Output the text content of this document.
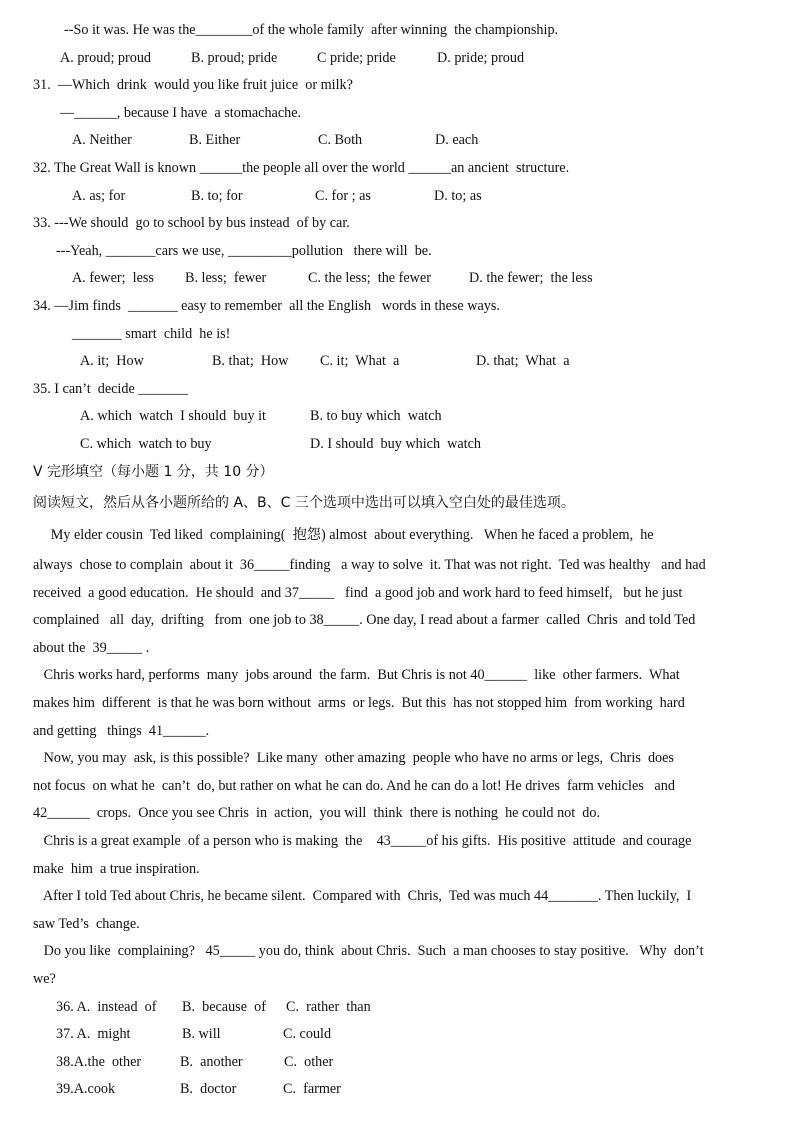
--So it was. He was the________of the whole family  after winning  the championship.
A. proud; proud	B. proud; pride	C pride; pride	D. pride; proud
31.  —Which  drink  would you like fruit juice  or milk?
—______, because I have  a stomachache.
A. Neither	B. Either	C. Both	D. each
32. The Great Wall is known ______the people all over the world ______an ancient  structure.
A. as; for	B. to; for	C. for ; as	D. to; as
33. ---We should  go to school by bus instead  of by car.
---Yeah, _______cars we use, _________pollution   there will  be.
A. fewer;  less B. less;  fewer	C. the less;  the fewer	D. the fewer;  the less
34. —Jim finds  _______ easy to remember  all the English   words in these ways.
_______ smart  child  he is!
A. it;  How	B. that;  How C. it;  What  a	D. that;  What  a
35. I can’t  decide _______
A. which  watch  I should  buy it	B. to buy which  watch
C. which  watch to buy	D. I should  buy which  watch
V 完形填空（每小题 1 分，共 10 分）
阅读短文，然后从各小题所给的 A、B、C 三个选项中选出可以填入空白处的最佳选项。
My elder cousin  Ted liked  complaining(  抱怨) almost  about everything.   When he faced a problem,  he
always  chose to complain  about it  36_____finding   a way to solve  it. That was not right.  Ted was healthy   and had
received  a good education.  He should  and 37_____   find  a good job and work hard to feed himself,   but he just
complained   all  day,  drifting   from  one job to 38_____. One day, I read about a farmer  called  Chris  and told Ted
about the  39_____ .
Chris works hard, performs  many  jobs around  the farm.  But Chris is not 40______  like  other farmers.  What
makes him  different  is that he was born without  arms  or legs.  But this  has not stopped him  from working  hard
and getting   things  41______.
Now, you may  ask, is this possible?  Like many  other amazing  people who have no arms or legs,  Chris  does
not focus  on what he  can’t  do, but rather on what he can do. And he can do a lot! He drives  farm vehicles   and
42______  crops.  Once you see Chris  in  action,  you will  think  there is nothing  he could not  do.
Chris is a great example  of a person who is making  the    43_____of his gifts.  His positive  attitude  and courage
make  him  a true inspiration.
After I told Ted about Chris, he became silent.  Compared with  Chris,  Ted was much 44_______. Then luckily,  I
saw Ted’s  change.
Do you like  complaining?   45_____ you do, think  about Chris.  Such  a man chooses to stay positive.   Why  don’t
we?
36. A.  instead  of B.  because  of C.  rather  than
37. A.  might	B. will	C. could
38.A.the  other	B.  another	C.  other
39.A.cook	B.  doctor	C.  farmer
